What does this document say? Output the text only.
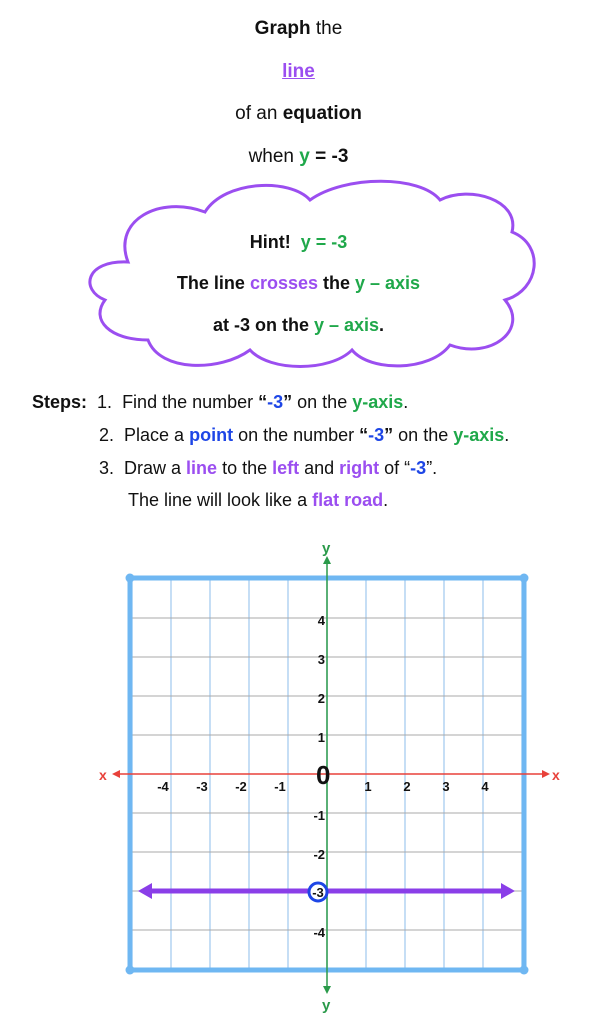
Graph the
line
of an equation
when y = -3
Hint! y = -3
The line crosses the y – axis
at -3 on the y – axis.
Steps: 1. Find the number “-3” on the y-axis.
2. Place a point on the number “-3” on the y-axis.
3. Draw a line to the left and right of “-3”.
The line will look like a flat road.
x	x
y
y
-4 -3 -2 -1	1 2 3 4
4
3
2
1
-1
-2
-4
0
-3
